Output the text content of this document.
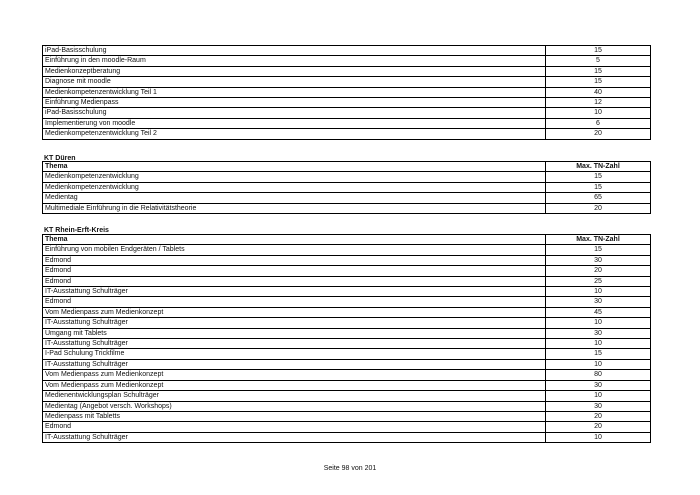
iPad-Basisschulung	15
Einführung in den moodle-Raum	5
Medienkonzeptberatung	15
Diagnose mit moodle	15
Medienkompetenzentwicklung Teil 1	40
Einführung Medienpass	12
iPad-Basisschulung	10
Implementierung von moodle	6
Medienkompetenzentwicklung Teil 2	20
KT Düren
Thema	Max. TN-Zahl
Medienkompetenzentwicklung	15
Medienkompetenzentwicklung	15
Medientag	65
Multimediale Einführung in die Relativitätstheorie	20
KT Rhein-Erft-Kreis
Thema	Max. TN-Zahl
Einführung von mobilen Endgeräten / Tablets	15
Edmond	30
Edmond	20
Edmond	25
IT-Ausstattung Schulträger	10
Edmond	30
Vom Medienpass zum Medienkonzept	45
IT-Ausstattung Schulträger	10
Umgang mit Tablets	30
IT-Ausstattung Schulträger	10
I-Pad Schulung Trickfilme	15
IT-Ausstattung Schulträger	10
Vom Medienpass zum Medienkonzept	80
Vom Medienpass zum Medienkonzept	30
Medienentwicklungsplan Schulträger	10
Medientag (Angebot versch. Workshops)	30
Medienpass mit Tabletts	20
Edmond	20
IT-Ausstattung Schulträger	10
Seite 98 von 201
